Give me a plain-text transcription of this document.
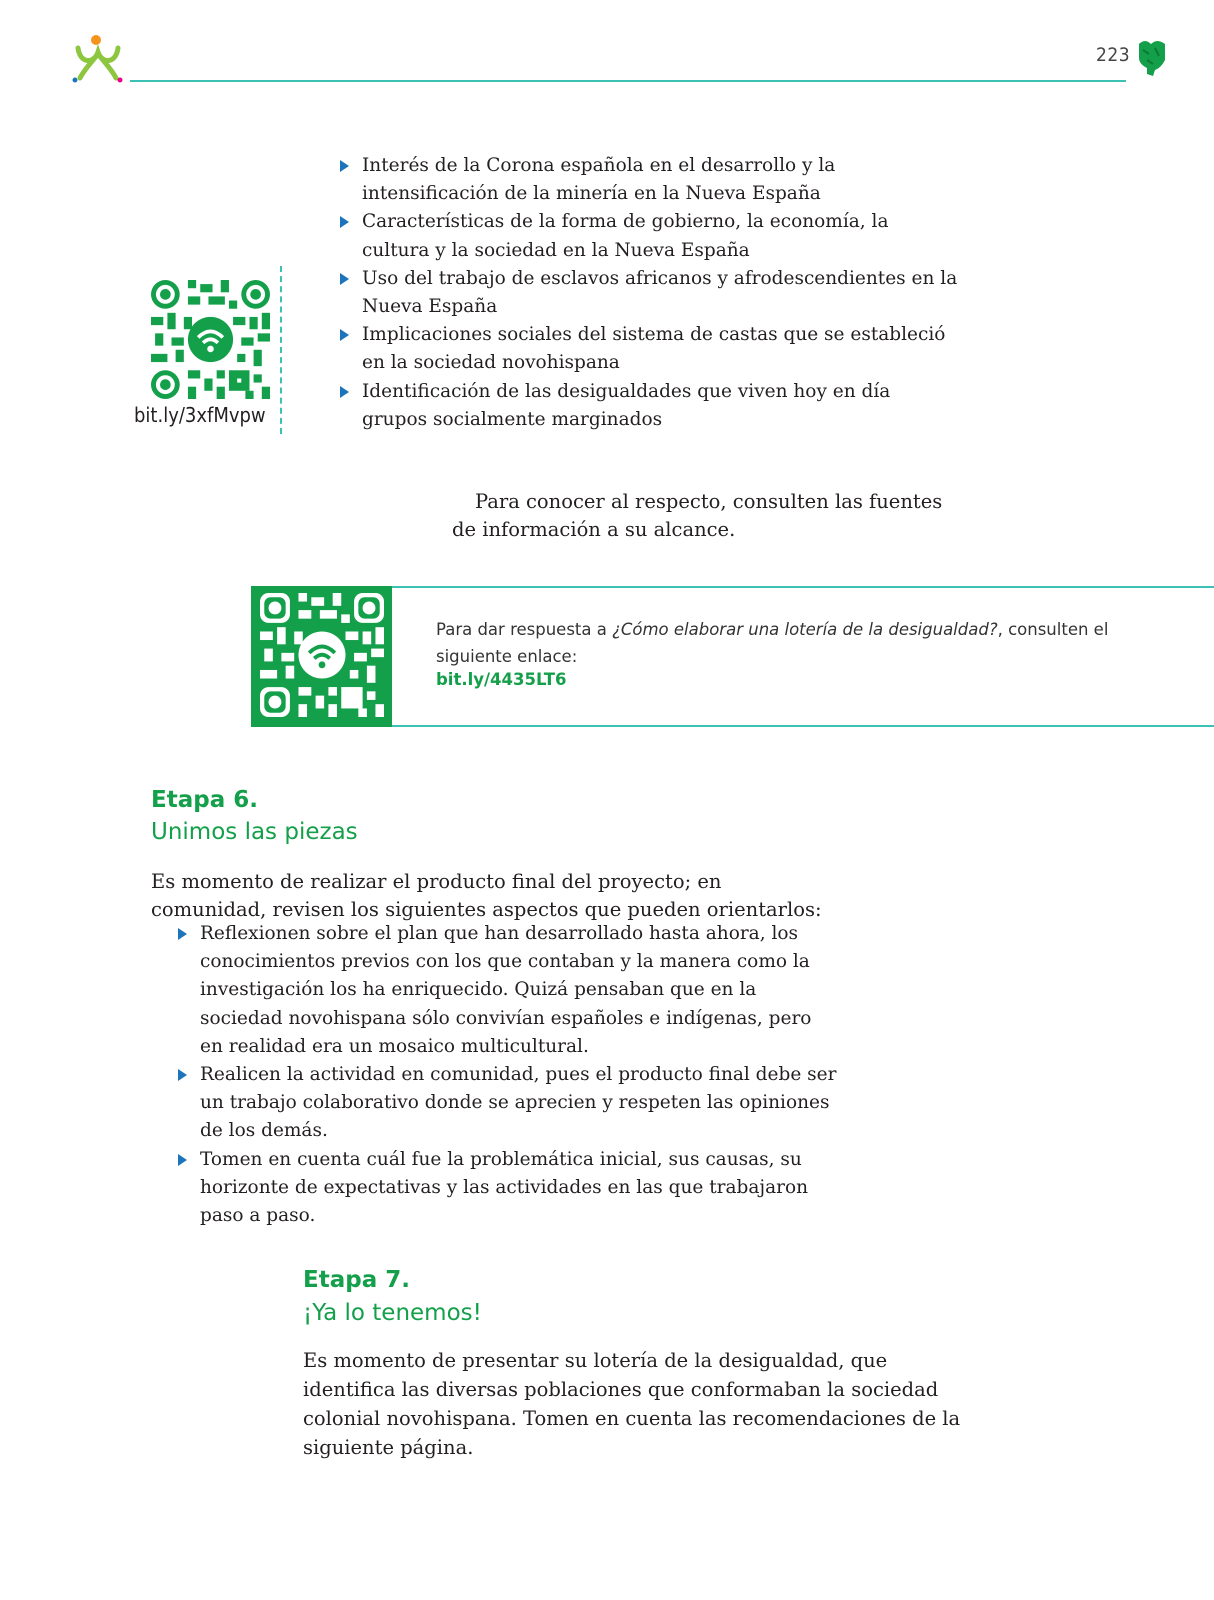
223
bit.ly/3xfMvpw
Interés de la Corona española en el desarrollo y la intensificación de la minería en la Nueva España
Características de la forma de gobierno, la economía, la cultura y la sociedad en la Nueva España
Uso del trabajo de esclavos africanos y afrodescendientes en la Nueva España
Implicaciones sociales del sistema de castas que se estableció en la sociedad novohispana
Identificación de las desigualdades que viven hoy en día grupos socialmente marginados

Para conocer al respecto, consulten las fuentes de información a su alcance.

Para dar respuesta a ¿Cómo elaborar una lotería de la desigualdad?, consulten el siguiente enlace:
bit.ly/4435LT6
Etapa 6.
Unimos las piezas

Es momento de realizar el producto final del proyecto; en comunidad, revisen los siguientes aspectos que pueden orientarlos:

Reflexionen sobre el plan que han desarrollado hasta ahora, los conocimientos previos con los que contaban y la manera como la investigación los ha enriquecido. Quizá pensaban que en la sociedad novohispana sólo convivían españoles e indígenas, pero en realidad era un mosaico multicultural.
Realicen la actividad en comunidad, pues el producto final debe ser un trabajo colaborativo donde se aprecien y respeten las opiniones de los demás.
Tomen en cuenta cuál fue la problemática inicial, sus causas, su horizonte de expectativas y las actividades en las que trabajaron paso a paso.
Etapa 7.
¡Ya lo tenemos!

Es momento de presentar su lotería de la desigualdad, que identifica las diversas poblaciones que conformaban la sociedad colonial novohispana. Tomen en cuenta las recomendaciones de la siguiente página.
